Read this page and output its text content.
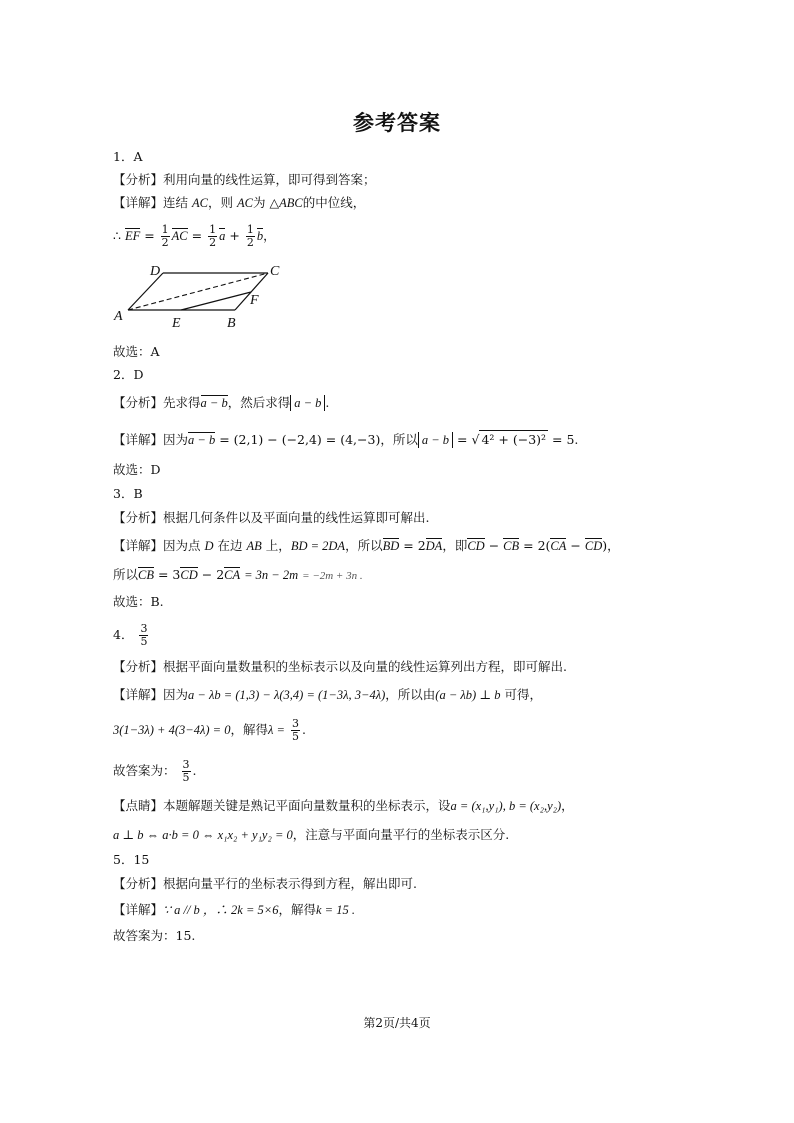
参考答案
1．A
【分析】利用向量的线性运算，即可得到答案；
【详解】连结 AC，则 AC为 △ABC的中位线，
∴ EF = $\frac{1}{2}$ AC = $\frac{1}{2}$ $a + \frac{1}{2}$ b，
A
D	C
F
E	B
故选：A
2．D
【分析】先求得a − b，然后求得 a − b .
【详解】因为a − b = (2,1) − (−2,4) = (4,−3)，所以 a − b = √ 4² + (−3)² = 5.
故选：D
3．B
【分析】根据几何条件以及平面向量的线性运算即可解出.
【详解】因为点 D 在边 AB 上，BD = 2DA，所以BD = 2DA，即CD − CB = 2(CA − CD)，
所以CB = 3CD − 2CA = 3n − 2m = −2m + 3n .
故选：B.
4． $\frac{3}{5}$
【分析】根据平面向量数量积的坐标表示以及向量的线性运算列出方程，即可解出.
【详解】因为a − λb = (1,3) − λ(3,4) = (1−3λ, 3−4λ)，所以由(a − λb) ⊥ b 可得，
3(1−3λ) + 4(3−4λ) = 0，解得$\lambda = \frac{3}{5}$ .
故答案为： $\frac{3}{5}$ .
【点睛】本题解题关键是熟记平面向量数量积的坐标表示，设a = (x₁,y₁), b = (x₂,y₂)，
a ⊥ b ⇔ a·b = 0 ⇔ x₁x₂ + y₁y₂ = 0，注意与平面向量平行的坐标表示区分.
5．15
【分析】根据向量平行的坐标表示得到方程，解出即可.
【详解】∵ a // b ，∴ 2k = 5×6，解得k = 15 .
故答案为：15.
第2页/共4页
